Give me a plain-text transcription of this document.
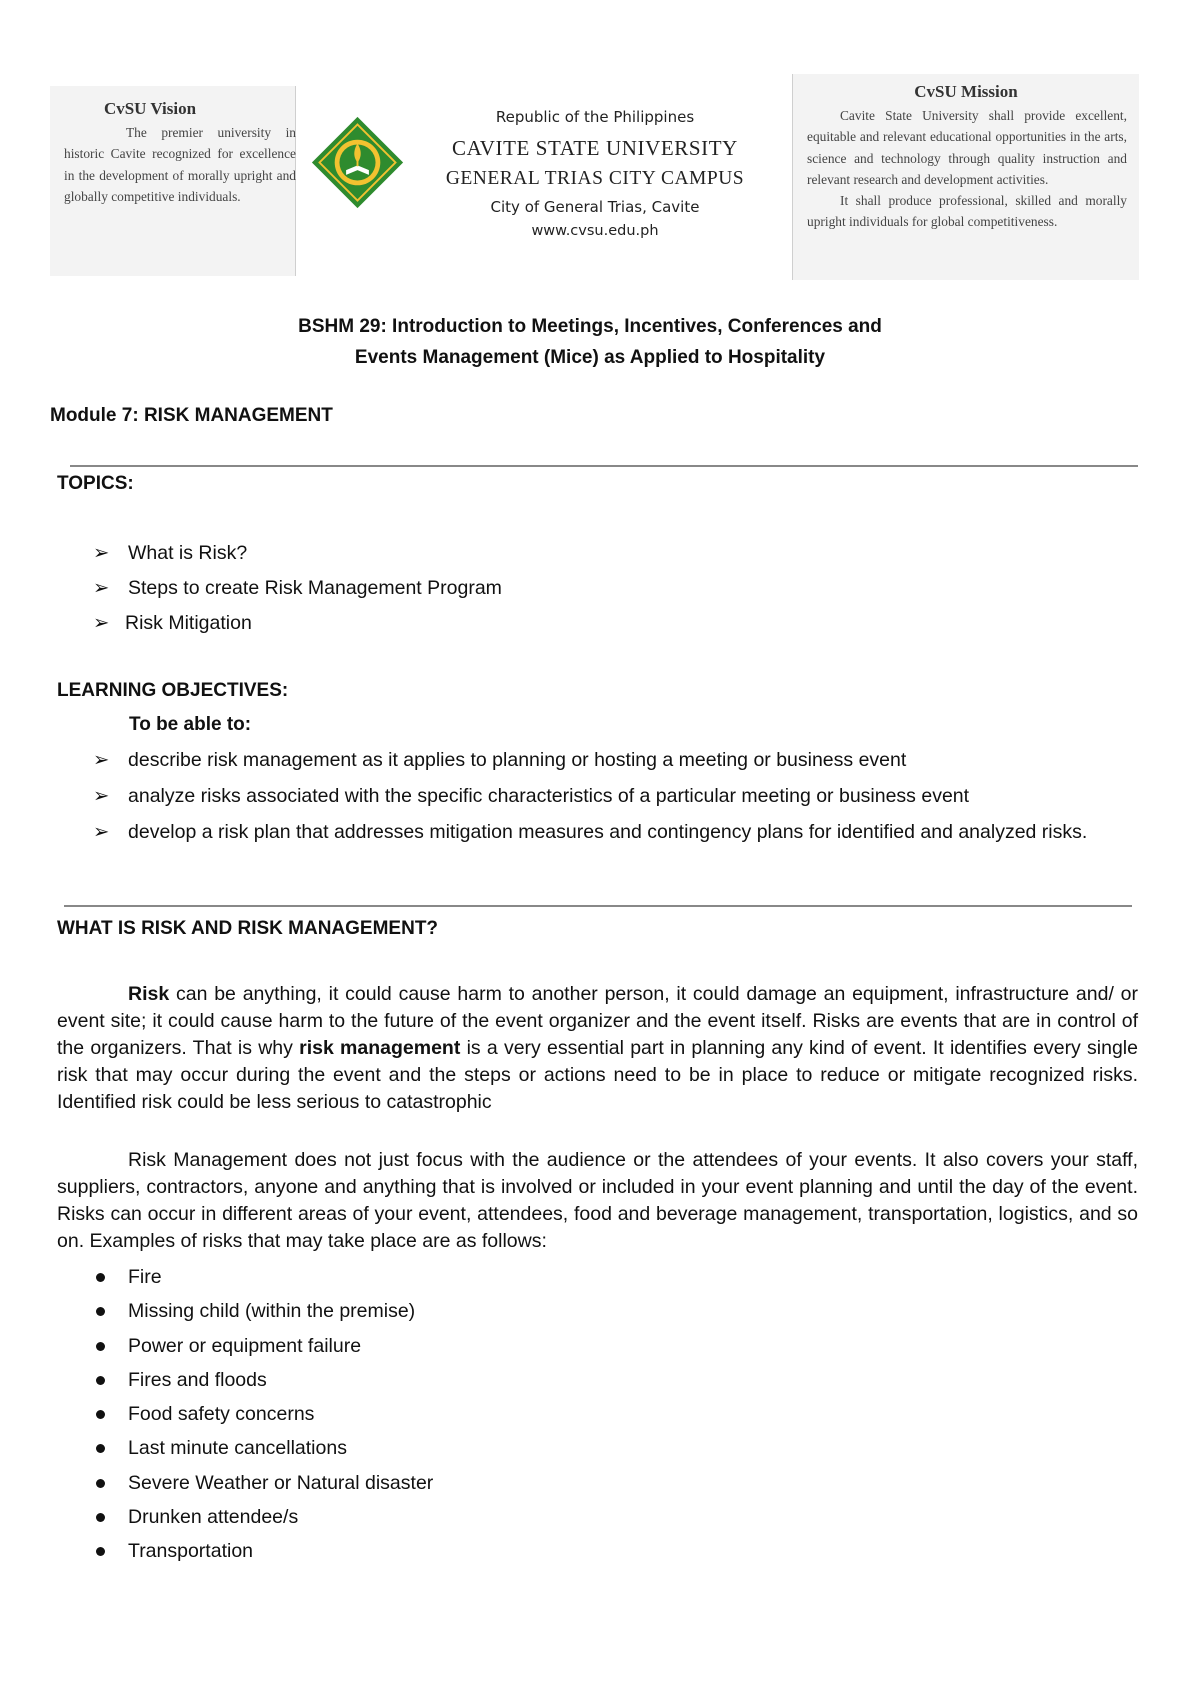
CvSU Vision
The premier university in historic Cavite recognized for excellence in the development of morally upright and globally competitive individuals.
Republic of the Philippines
CAVITE STATE UNIVERSITY
GENERAL TRIAS CITY CAMPUS
City of General Trias, Cavite
www.cvsu.edu.ph
CvSU Mission

Cavite State University shall provide excellent, equitable and relevant educational opportunities in the arts, science and technology through quality instruction and relevant research and development activities.

It shall produce professional, skilled and morally upright individuals for global competitiveness.

BSHM 29: Introduction to Meetings, Incentives, Conferences and
Events Management (Mice) as Applied to Hospitality
Module 7: RISK MANAGEMENT
TOPICS:
➢ What is Risk?
➢ Steps to create Risk Management Program
➢ Risk Mitigation
LEARNING OBJECTIVES:
To be able to:
➢ describe risk management as it applies to planning or hosting a meeting or business event
➢ analyze risks associated with the specific characteristics of a particular meeting or business event
➢ develop a risk plan that addresses mitigation measures and contingency plans for identified and analyzed risks.
WHAT IS RISK AND RISK MANAGEMENT?

Risk can be anything, it could cause harm to another person, it could damage an equipment, infrastructure and/ or event site; it could cause harm to the future of the event organizer and the event itself. Risks are events that are in control of the organizers. That is why risk management is a very essential part in planning any kind of event. It identifies every single risk that may occur during the event and the steps or actions need to be in place to reduce or mitigate recognized risks. Identified risk could be less serious to catastrophic

Risk Management does not just focus with the audience or the attendees of your events. It also covers your staff, suppliers, contractors, anyone and anything that is involved or included in your event planning and until the day of the event. Risks can occur in different areas of your event, attendees, food and beverage management, transportation, logistics, and so on. Examples of risks that may take place are as follows:

Fire
Missing child (within the premise)
Power or equipment failure
Fires and floods
Food safety concerns
Last minute cancellations
Severe Weather or Natural disaster
Drunken attendee/s
Transportation
